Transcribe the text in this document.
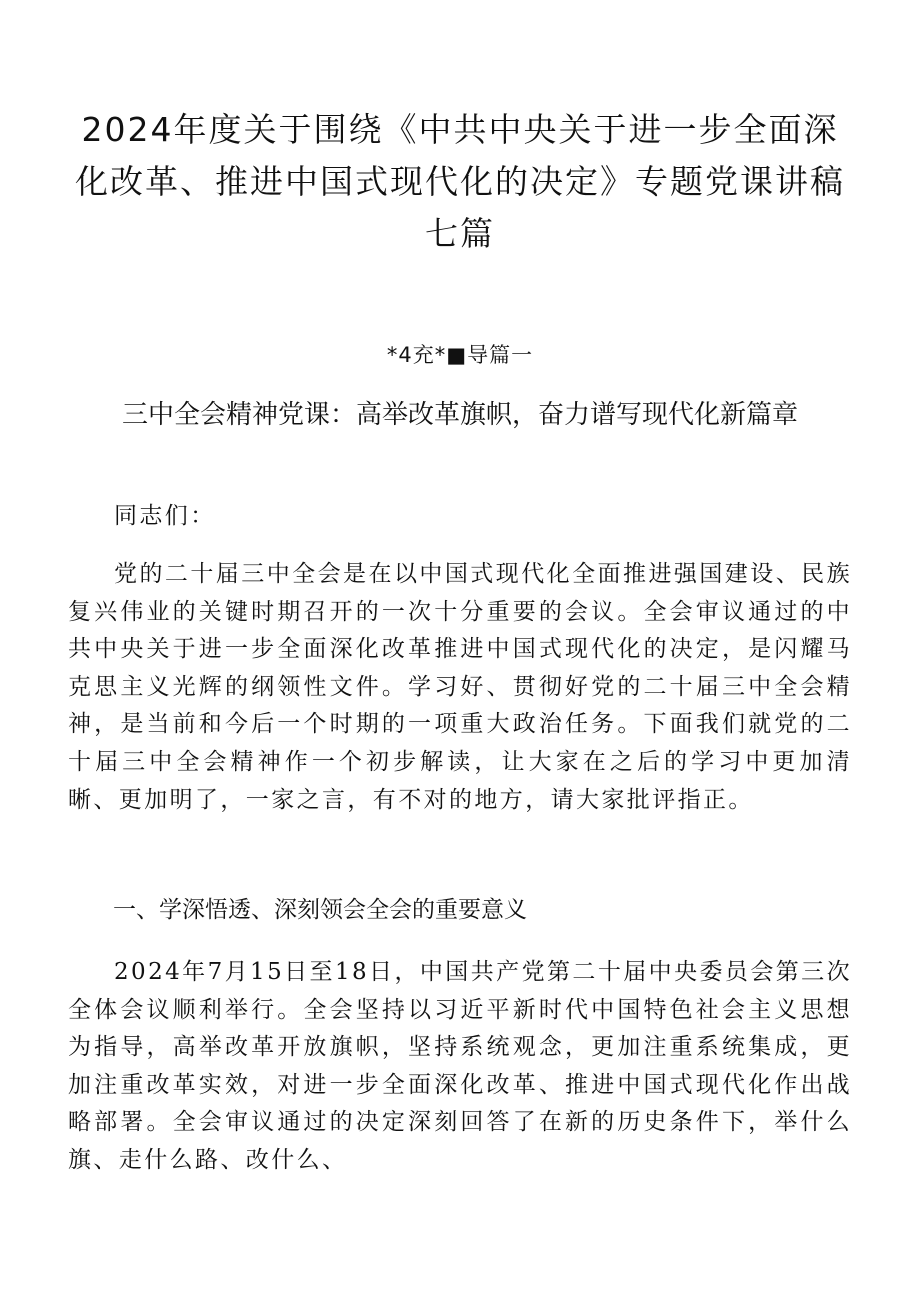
2024年度关于围绕《中共中央关于进一步全面深化改革、推进中国式现代化的决定》专题党课讲稿七篇
*4充*■导篇一
三中全会精神党课：高举改革旗帜，奋力谱写现代化新篇章

同志们：

党的二十届三中全会是在以中国式现代化全面推进强国建设、民族复兴伟业的关键时期召开的一次十分重要的会议。全会审议通过的中共中央关于进一步全面深化改革推进中国式现代化的决定，是闪耀马克思主义光辉的纲领性文件。学习好、贯彻好党的二十届三中全会精神，是当前和今后一个时期的一项重大政治任务。下面我们就党的二十届三中全会精神作一个初步解读，让大家在之后的学习中更加清晰、更加明了，一家之言，有不对的地方，请大家批评指正。

一、学深悟透、深刻领会全会的重要意义

2024年7月15日至18日，中国共产党第二十届中央委员会第三次全体会议顺利举行。全会坚持以习近平新时代中国特色社会主义思想为指导，高举改革开放旗帜，坚持系统观念，更加注重系统集成，更加注重改革实效，对进一步全面深化改革、推进中国式现代化作出战略部署。全会审议通过的决定深刻回答了在新的历史条件下，举什么旗、走什么路、改什么、
